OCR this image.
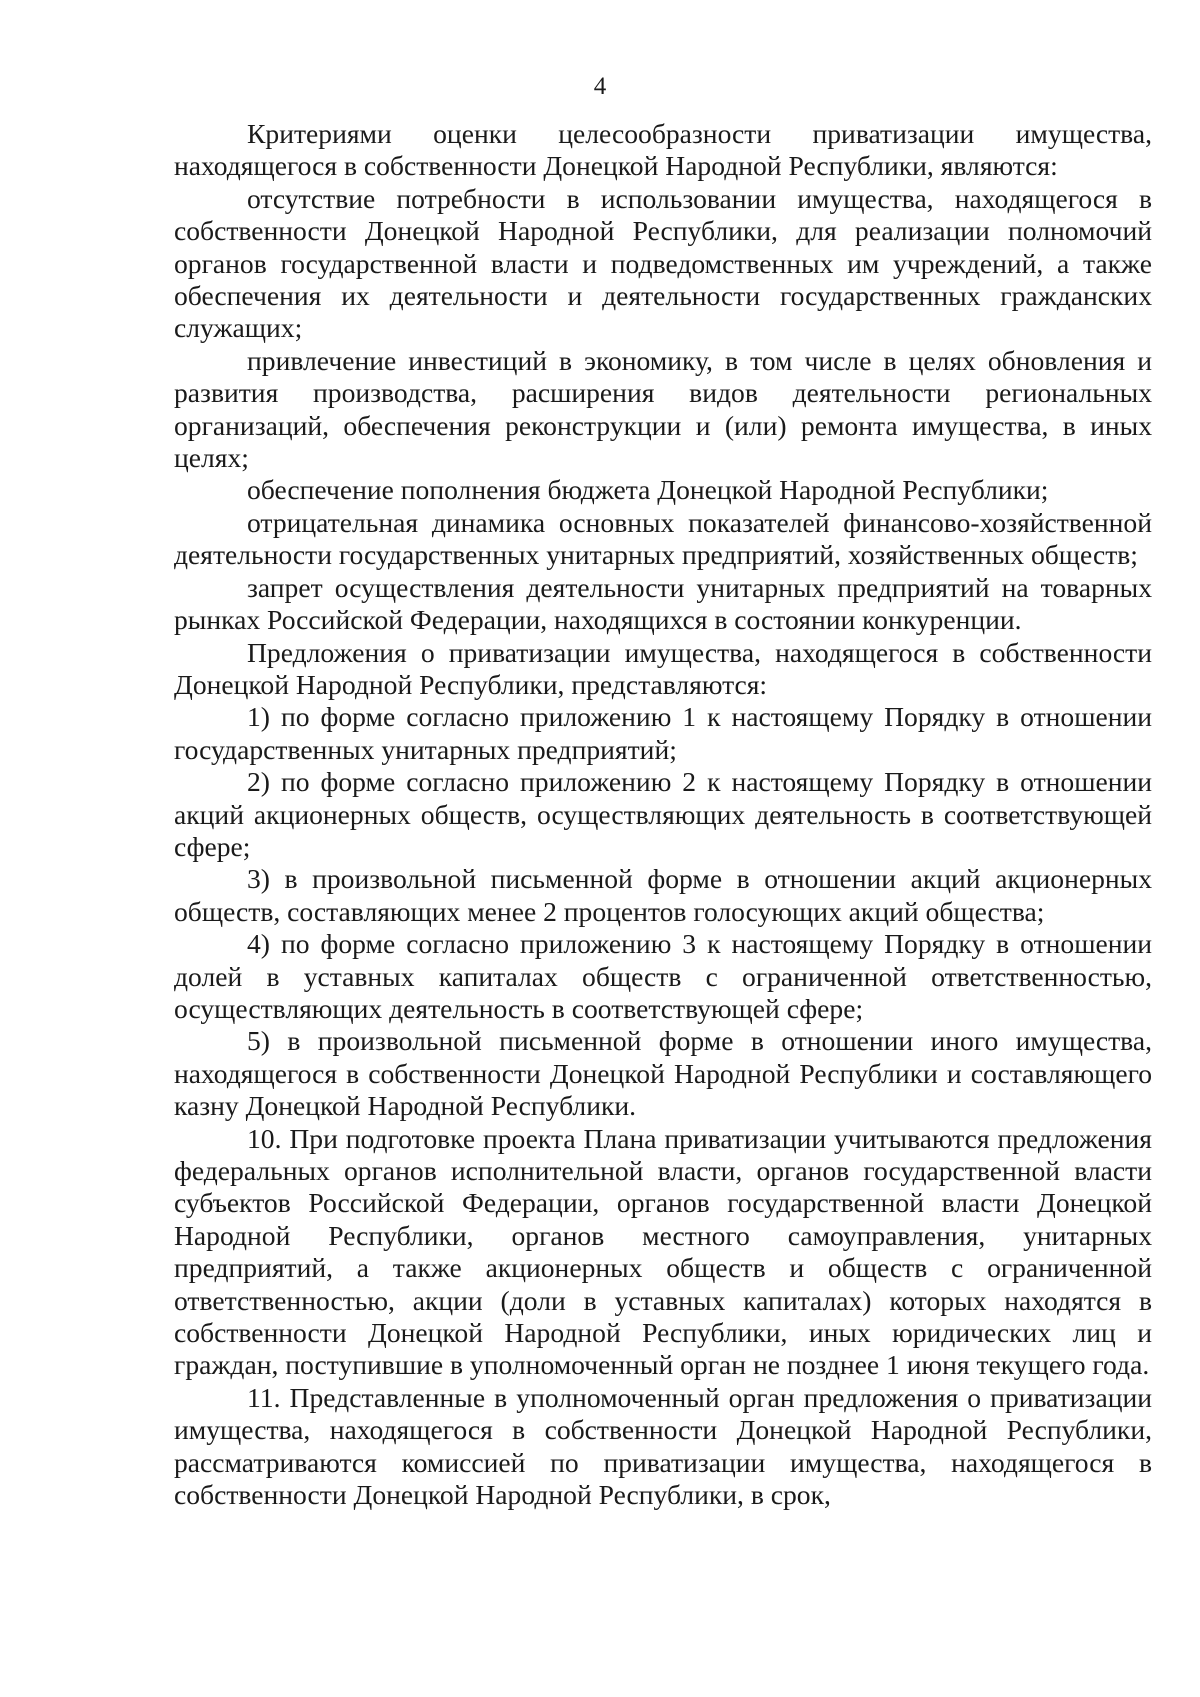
4

Критериями оценки целесообразности приватизации имущества, находящегося в собственности Донецкой Народной Республики, являются:

отсутствие потребности в использовании имущества, находящегося в собственности Донецкой Народной Республики, для реализации полномочий органов государственной власти и подведомственных им учреждений, а также обеспечения их деятельности и деятельности государственных гражданских служащих;

привлечение инвестиций в экономику, в том числе в целях обновления и развития производства, расширения видов деятельности региональных организаций, обеспечения реконструкции и (или) ремонта имущества, в иных целях;

обеспечение пополнения бюджета Донецкой Народной Республики;

отрицательная динамика основных показателей финансово-хозяйственной деятельности государственных унитарных предприятий, хозяйственных обществ;

запрет осуществления деятельности унитарных предприятий на товарных рынках Российской Федерации, находящихся в состоянии конкуренции.

Предложения о приватизации имущества, находящегося в собственности Донецкой Народной Республики, представляются:

1) по форме согласно приложению 1 к настоящему Порядку в отношении государственных унитарных предприятий;

2) по форме согласно приложению 2 к настоящему Порядку в отношении акций акционерных обществ, осуществляющих деятельность в соответствующей сфере;

3) в произвольной письменной форме в отношении акций акционерных обществ, составляющих менее 2 процентов голосующих акций общества;

4) по форме согласно приложению 3 к настоящему Порядку в отношении долей в уставных капиталах обществ с ограниченной ответственностью, осуществляющих деятельность в соответствующей сфере;

5) в произвольной письменной форме в отношении иного имущества, находящегося в собственности Донецкой Народной Республики и составляющего казну Донецкой Народной Республики.

10. При подготовке проекта Плана приватизации учитываются предложения федеральных органов исполнительной власти, органов государственной власти субъектов Российской Федерации, органов государственной власти Донецкой Народной Республики, органов местного самоуправления, унитарных предприятий, а также акционерных обществ и обществ с ограниченной ответственностью, акции (доли в уставных капиталах) которых находятся в собственности Донецкой Народной Республики, иных юридических лиц и граждан, поступившие в уполномоченный орган не позднее 1 июня текущего года.

11. Представленные в уполномоченный орган предложения о приватизации имущества, находящегося в собственности Донецкой Народной Республики, рассматриваются комиссией по приватизации имущества, находящегося в собственности Донецкой Народной Республики, в срок,
